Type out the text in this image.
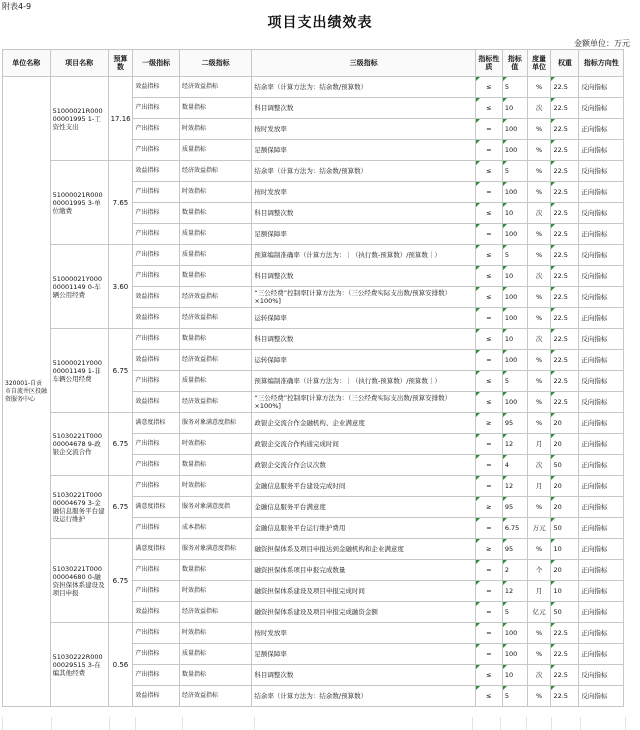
附表4-9
项目支出绩效表
金额单位：万元
单位名称	项目名称	预算数	一级指标	二级指标	三级指标	指标性质	指标值	度量单位	权重	指标方向性
320001-自贡市自流井区投融资服务中心	51000021R00000001995 1-工资性支出	17.16	效益指标	经济效益指标	结余率（计算方法为：结余数/预算数）	≤	5	%	22.5	反向指标
			产出指标	数量指标	科目调整次数	≤	10	次	22.5	反向指标
			产出指标	时效指标	按时发放率	=	100	%	22.5	正向指标
			产出指标	质量指标	足额保障率	=	100	%	22.5	正向指标
	51000021R00000001995 3-单位缴费	7.65	效益指标	经济效益指标	结余率（计算方法为：结余数/预算数）	≤	5	%	22.5	反向指标
			产出指标	时效指标	按时发放率	=	100	%	22.5	正向指标
			产出指标	数量指标	科目调整次数	≤	10	次	22.5	反向指标
			产出指标	质量指标	足额保障率	=	100	%	22.5	正向指标
	51000021Y00000001149 0-车辆公用经费	3.60	产出指标	质量指标	预算编制准确率（计算方法为：｜（执行数-预算数）/预算数｜）	≤	5	%	22.5	反向指标
			产出指标	数量指标	科目调整次数	≤	10	次	22.5	反向指标
			效益指标	经济效益指标	“三公经费”控制率[计算方法为：（三公经费实际支出数/预算安排数）×100%]	≤	100	%	22.5	反向指标
			效益指标	经济效益指标	运转保障率	=	100	%	22.5	正向指标
	51000021Y00000001149 1-非车辆公用经费	6.75	产出指标	数量指标	科目调整次数	≤	10	次	22.5	反向指标
			效益指标	经济效益指标	运转保障率	=	100	%	22.5	正向指标
			产出指标	质量指标	预算编制准确率（计算方法为：｜（执行数-预算数）/预算数｜）	≤	5	%	22.5	反向指标
			效益指标	经济效益指标	“三公经费”控制率[计算方法为：（三公经费实际支出数/预算安排数）×100%]	≤	100	%	22.5	反向指标
	51030221T00000004678 9-政银企交流合作	6.75	满意度指标	服务对象满意度指标	政银企交流合作金融机构、企业满意度	≥	95	%	20	正向指标
			产出指标	时效指标	政银企交流合作构通完成时间	=	12	月	20	正向指标
			产出指标	数量指标	政银企交流合作会议次数	=	4	次	50	正向指标
	51030221T00000004679 3-金融信息服务平台建设运行维护	6.75	产出指标	时效指标	金融信息服务平台建设完成时间	=	12	月	20	正向指标
			满意度指标	服务对象满意度指	金融信息服务平台满意度	≥	95	%	20	正向指标
			产出指标	成本指标	金融信息服务平台运行维护费用	=	6.75	万元	50	正向指标
	51030221T00000004680 0-融资担保体系建设及项目申报	6.75	满意度指标	服务对象满意度指标	融资担保体系及项目申报达到金融机构和企业满意度	≥	95	%	10	正向指标
			产出指标	数量指标	融资担保体系项目申报完成数量	=	2	个	20	正向指标
			产出指标	时效指标	融资担保体系建设及项目申报完成时间	=	12	月	10	正向指标
			效益指标	经济效益指标	融资担保体系建设及项目申报完成融资金额	=	5	亿元	50	正向指标
	51030222R00000029515 3-在编其他经费	0.56	产出指标	时效指标	按时发放率	=	100	%	22.5	正向指标
			产出指标	质量指标	足额保障率	=	100	%	22.5	正向指标
			产出指标	数量指标	科目调整次数	≤	10	次	22.5	反向指标
			效益指标	经济效益指标	结余率（计算方法为：结余数/预算数）	≤	5	%	22.5	反向指标
